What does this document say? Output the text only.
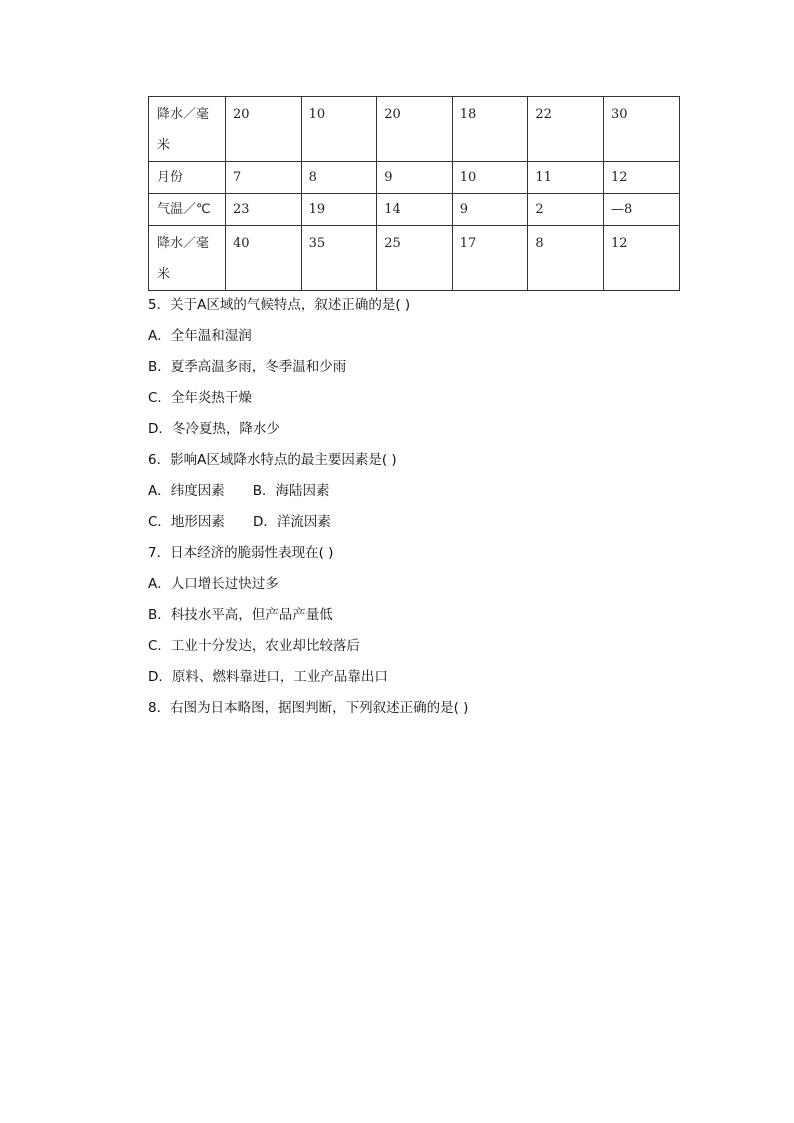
降水／毫米	20	10	20	18	22	30
月份	7	8	9	10	11	12
气温／℃	23	19	14	9	2	—8
降水／毫米	40	35	25	17	8	12
5．关于A区域的气候特点，叙述正确的是( )
A．全年温和湿润
B．夏季高温多雨，冬季温和少雨
C．全年炎热干燥
D．冬冷夏热，降水少
6．影响A区域降水特点的最主要因素是( )
A．纬度因素 B．海陆因素
C．地形因素 D．洋流因素
7．日本经济的脆弱性表现在( )
A．人口增长过快过多
B．科技水平高，但产品产量低
C．工业十分发达，农业却比较落后
D．原料、燃料靠进口，工业产品靠出口
8．右图为日本略图，据图判断，下列叙述正确的是( )
